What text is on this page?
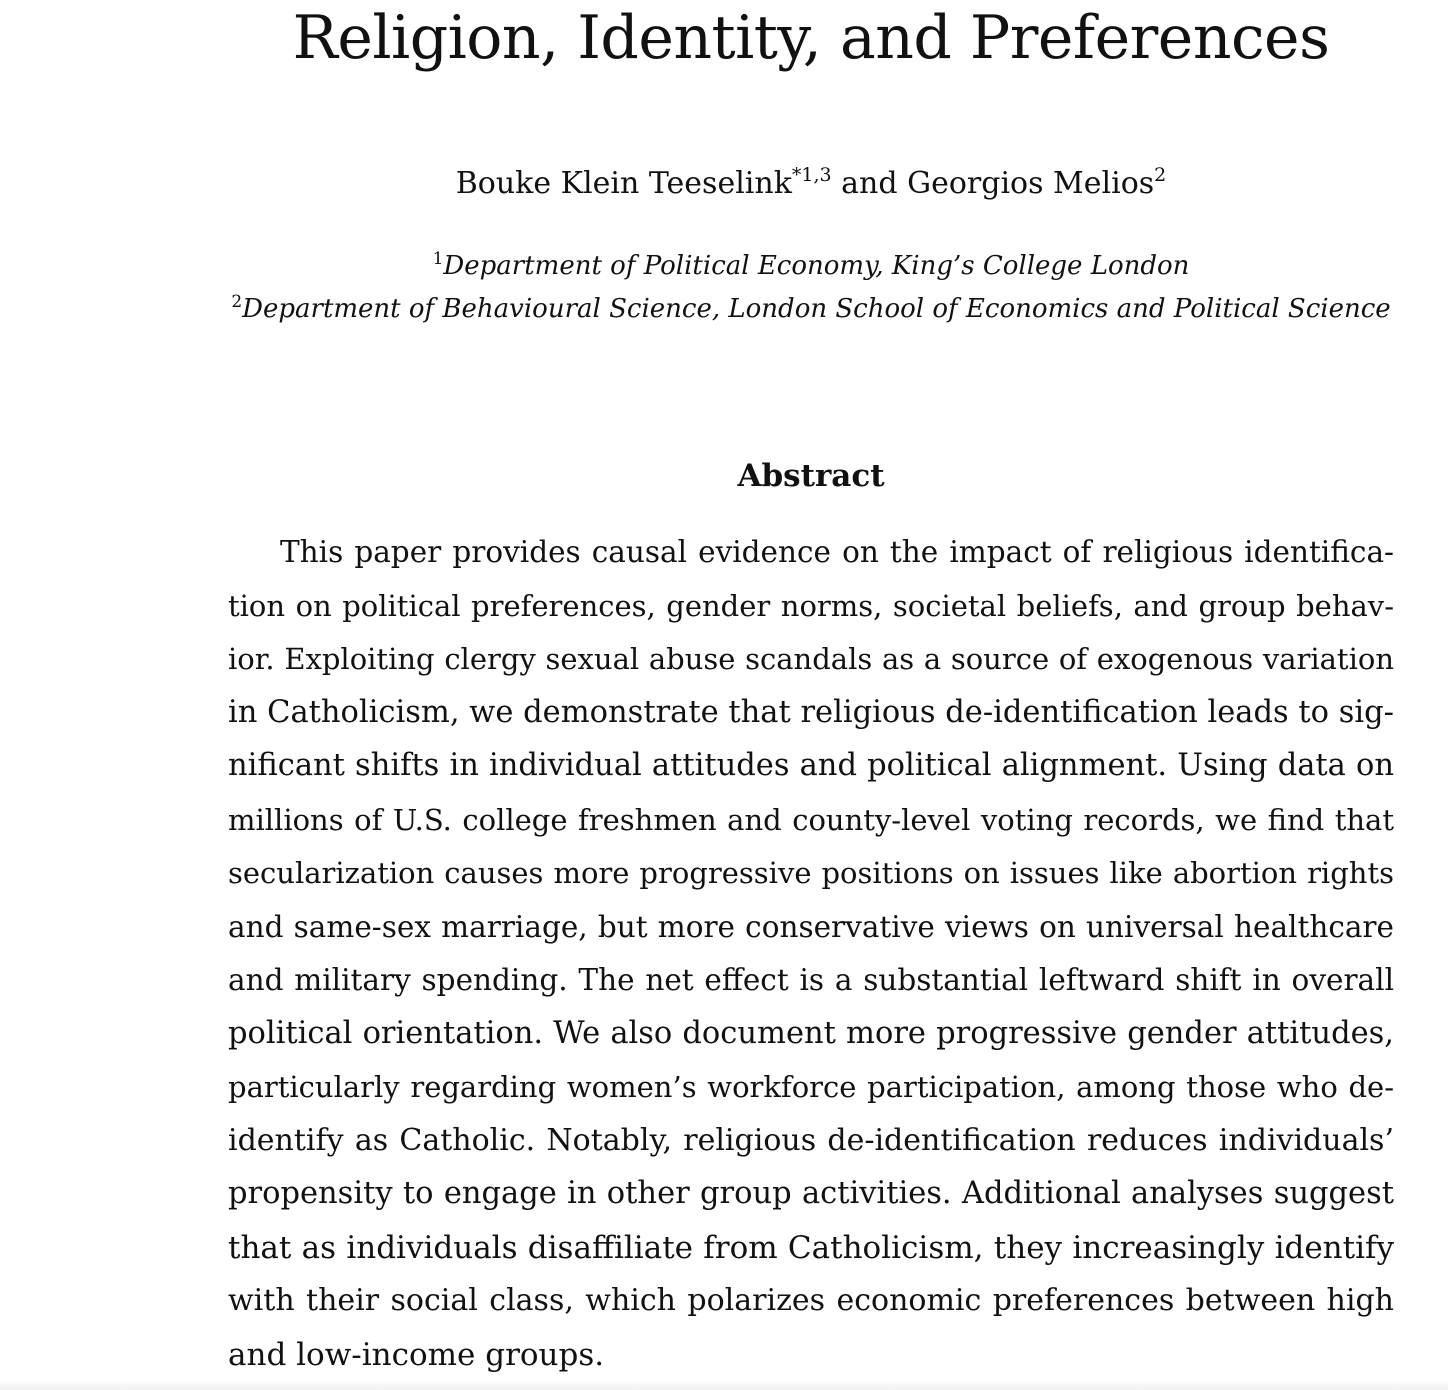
Religion, Identity, and Preferences
Bouke Klein Teeselink$^{*1,3}$ and Georgios Melios$^2$
$^1$Department of Political Economy, King’s College London
$^2$Department of Behavioural Science, London School of Economics and Political Science
Abstract
This paper provides causal evidence on the impact of religious identifica-
tion on political preferences, gender norms, societal beliefs, and group behav-
ior. Exploiting clergy sexual abuse scandals as a source of exogenous variation
in Catholicism, we demonstrate that religious de-identification leads to sig-
nificant shifts in individual attitudes and political alignment. Using data on
millions of U.S. college freshmen and county-level voting records, we find that
secularization causes more progressive positions on issues like abortion rights
and same-sex marriage, but more conservative views on universal healthcare
and military spending. The net effect is a substantial leftward shift in overall
political orientation. We also document more progressive gender attitudes,
particularly regarding women’s workforce participation, among those who de-
identify as Catholic. Notably, religious de-identification reduces individuals’
propensity to engage in other group activities. Additional analyses suggest
that as individuals disaffiliate from Catholicism, they increasingly identify
with their social class, which polarizes economic preferences between high
and low-income groups.
